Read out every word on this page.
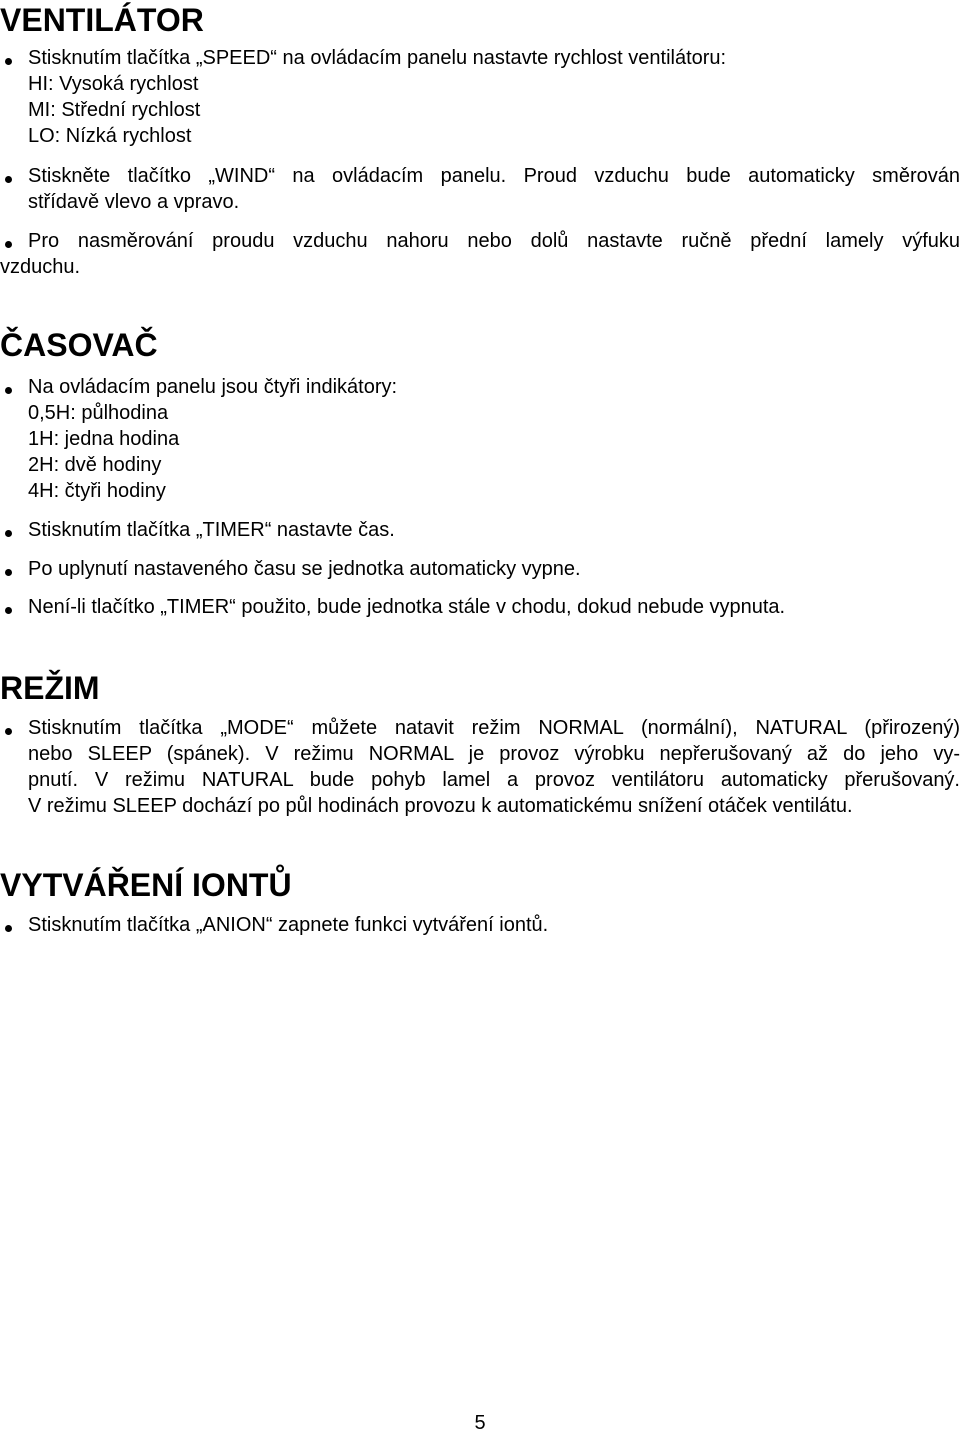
VENTILÁTOR
Stisknutím tlačítka „SPEED“ na ovládacím panelu nastavte rychlost ventilátoru:
HI: Vysoká rychlost
MI: Střední rychlost
LO: Nízká rychlost
Stiskněte tlačítko „WIND“ na ovládacím panelu. Proud vzduchu bude automaticky směrován
střídavě vlevo a vpravo.
Pro nasměrování proudu vzduchu nahoru nebo dolů nastavte ručně přední lamely výfuku
vzduchu.
ČASOVAČ
Na ovládacím panelu jsou čtyři indikátory:
0,5H: půlhodina
1H: jedna hodina
2H: dvě hodiny
4H: čtyři hodiny
Stisknutím tlačítka „TIMER“ nastavte čas.
Po uplynutí nastaveného času se jednotka automaticky vypne.
Není-li tlačítko „TIMER“ použito, bude jednotka stále v chodu, dokud nebude vypnuta.
REŽIM
Stisknutím tlačítka „MODE“ můžete natavit režim NORMAL (normální), NATURAL (přirozený)
nebo SLEEP (spánek). V režimu NORMAL je provoz výrobku nepřerušovaný až do jeho vy-
pnutí. V režimu NATURAL bude pohyb lamel a provoz ventilátoru automaticky přerušovaný.
V režimu SLEEP dochází po půl hodinách provozu k automatickému snížení otáček ventilátu.
VYTVÁŘENÍ IONTŮ
Stisknutím tlačítka „ANION“ zapnete funkci vytváření iontů.
5
